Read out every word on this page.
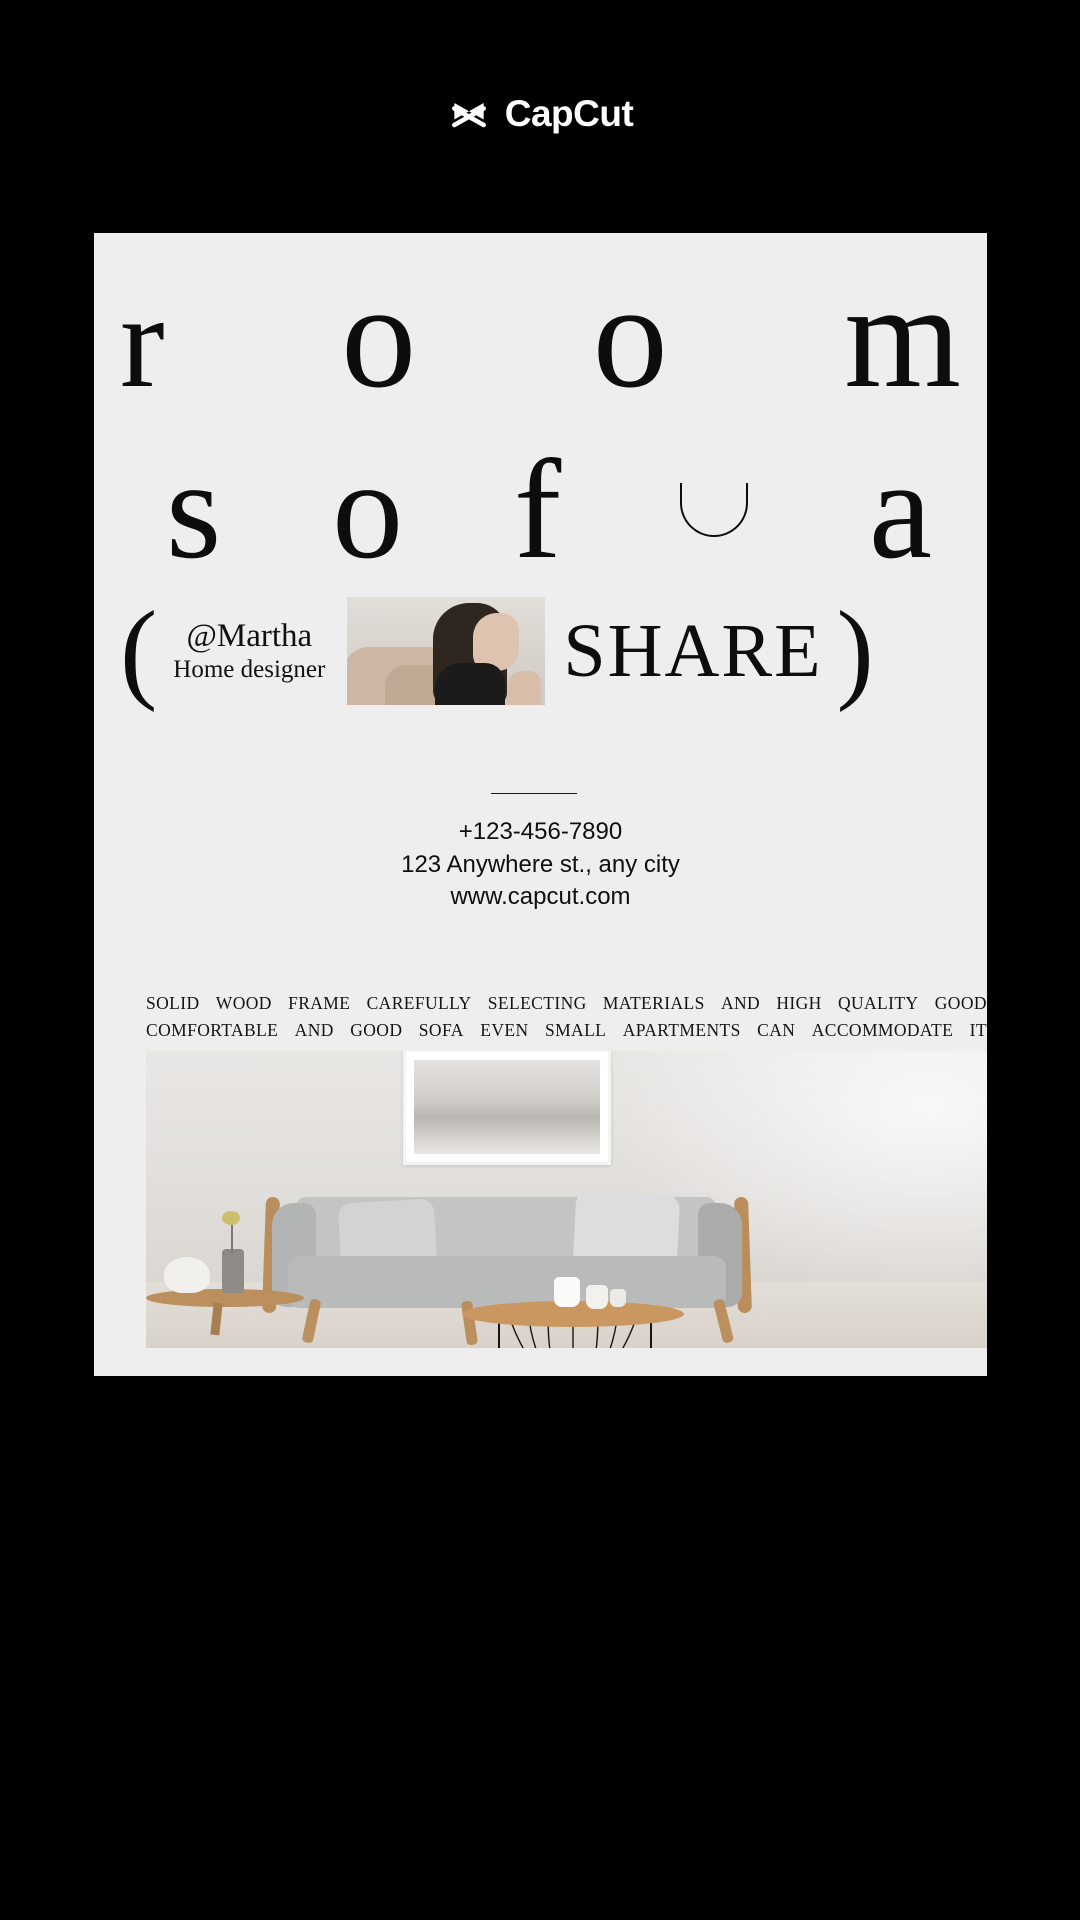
CapCut
r o o m
s o f a
( @Martha
Home designer	SHARE )
+123-456-7890
123 Anywhere st., any city
www.capcut.com
SOLID WOOD FRAME CAREFULLY SELECTING MATERIALS AND HIGH QUALITY GOOD
COMFORTABLE AND GOOD SOFA EVEN SMALL APARTMENTS CAN ACCOMMODATE IT
